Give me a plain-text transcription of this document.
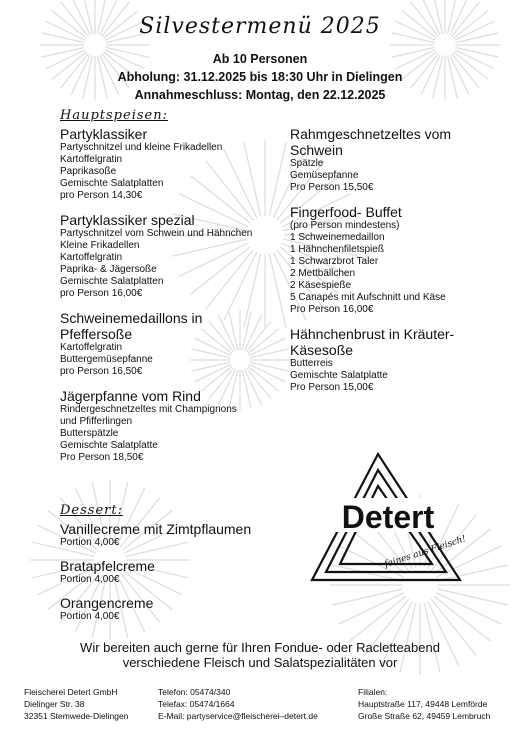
Silvestermenü 2025
Ab 10 Personen
Abholung: 31.12.2025 bis 18:30 Uhr in Dielingen
Annahmeschluss: Montag, den 22.12.2025
Hauptspeisen:
Partyklassiker
Partyschnitzel und kleine Frikadellen
Kartoffelgratin
Paprikasoße
Gemischte Salatplatten
pro Person 14,30€
Partyklassiker spezial
Partyschnitzel vom Schwein und Hähnchen
Kleine Frikadellen
Kartoffelgratin
Paprika- & Jägersoße
Gemischte Salatplatten
pro Person 16,00€
Schweinemedaillons in Pfeffersoße
Kartoffelgratin
Buttergemüsepfanne
pro Person 16,50€
Jägerpfanne vom Rind
Rindergeschnetzeltes mit Champignons
und Pfifferlingen
Butterspätzle
Gemischte Salatplatte
Pro Person 18,50€
Rahmgeschnetzeltes vom Schwein
Spätzle
Gemüsepfanne
Pro Person 15,50€
Fingerfood- Buffet
(pro Person mindestens)
1 Schweinemedaillon
1 Hähnchenfiletspieß
1 Schwarzbrot Taler
2 Mettbällchen
2 Käsespieße
5 Canapés mit Aufschnitt und Käse
Pro Person 16,00€
Hähnchenbrust in Kräuter-Käsesoße
Butterreis
Gemischte Salatplatte
Pro Person 15,00€
Dessert:
Vanillecreme mit Zimtpflaumen
Portion 4,00€
Bratapfelcreme
Portion 4,00€
Orangencreme
Portion 4,00€
Detert
feines aus Fleisch!
Wir bereiten auch gerne für Ihren Fondue- oder Racletteabend
verschiedene Fleisch und Salatspezialitäten vor
Fleischerei Detert GmbH
Dielinger Str. 38
32351 Stemwede-Dielingen
Telefon: 05474/340
Telefax: 05474/1664
E-Mail: partyservice@fleischerei–detert.de
Filialen:
Hauptstraße 117, 49448 Lemförde
Große Straße 62, 49459 Lembruch
